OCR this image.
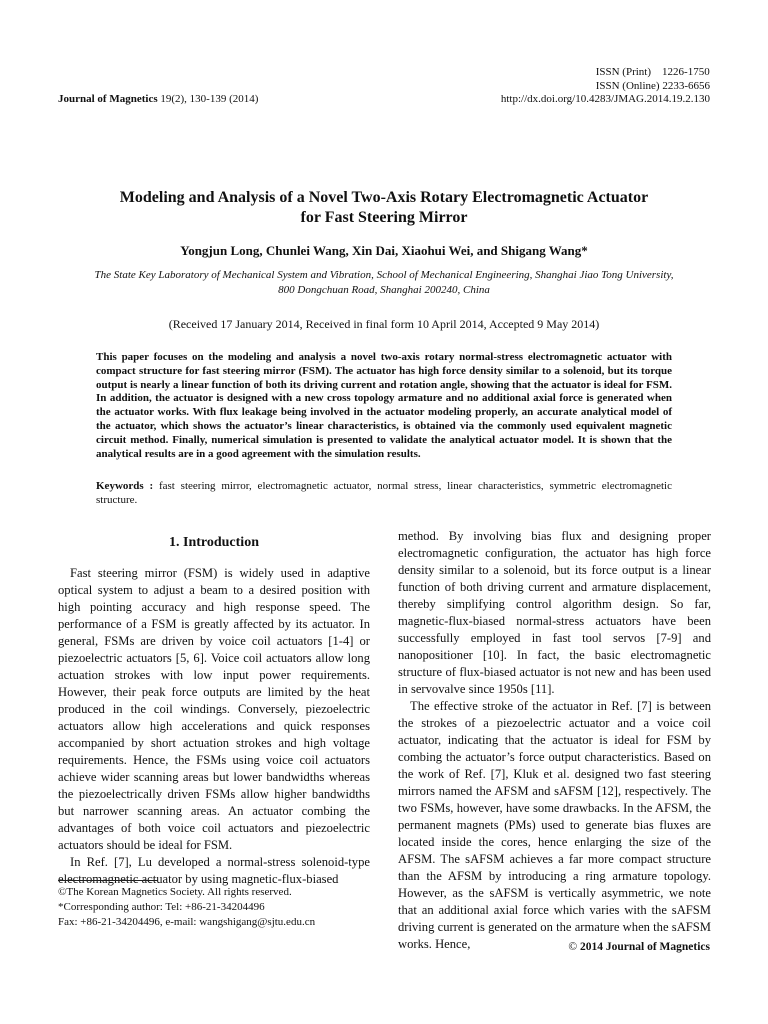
ISSN (Print)    1226-1750
ISSN (Online) 2233-6656
Journal of Magnetics 19(2), 130-139 (2014)	http://dx.doi.org/10.4283/JMAG.2014.19.2.130
Modeling and Analysis of a Novel Two-Axis Rotary Electromagnetic Actuator
for Fast Steering Mirror
Yongjun Long, Chunlei Wang, Xin Dai, Xiaohui Wei, and Shigang Wang*
The State Key Laboratory of Mechanical System and Vibration, School of Mechanical Engineering, Shanghai Jiao Tong University,
800 Dongchuan Road, Shanghai 200240, China
(Received 17 January 2014, Received in final form 10 April 2014, Accepted 9 May 2014)
This paper focuses on the modeling and analysis a novel two-axis rotary normal-stress electromagnetic actuator with compact structure for fast steering mirror (FSM). The actuator has high force density similar to a solenoid, but its torque output is nearly a linear function of both its driving current and rotation angle, showing that the actuator is ideal for FSM. In addition, the actuator is designed with a new cross topology armature and no additional axial force is generated when the actuator works. With flux leakage being involved in the actuator modeling properly, an accurate analytical model of the actuator, which shows the actuator’s linear characteristics, is obtained via the commonly used equivalent magnetic circuit method. Finally, numerical simulation is presented to validate the analytical actuator model. It is shown that the analytical results are in a good agreement with the simulation results.
Keywords : fast steering mirror, electromagnetic actuator, normal stress, linear characteristics, symmetric electromagnetic structure.
1. Introduction

Fast steering mirror (FSM) is widely used in adaptive optical system to adjust a beam to a desired position with high pointing accuracy and high response speed. The performance of a FSM is greatly affected by its actuator. In general, FSMs are driven by voice coil actuators [1-4] or piezoelectric actuators [5, 6]. Voice coil actuators allow long actuation strokes with low input power requirements. However, their peak force outputs are limited by the heat produced in the coil windings. Conversely, piezoelectric actuators allow high accelerations and quick responses accompanied by short actuation strokes and high voltage requirements. Hence, the FSMs using voice coil actuators achieve wider scanning areas but lower bandwidths whereas the piezoelectrically driven FSMs allow higher bandwidths but narrower scanning areas. An actuator combing the advantages of both voice coil actuators and piezoelectric actuators should be ideal for FSM.

In Ref. [7], Lu developed a normal-stress solenoid-type electromagnetic actuator by using magnetic-flux-biased

method. By involving bias flux and designing proper electromagnetic configuration, the actuator has high force density similar to a solenoid, but its force output is a linear function of both driving current and armature displacement, thereby simplifying control algorithm design. So far, magnetic-flux-biased normal-stress actuators have been successfully employed in fast tool servos [7-9] and nanopositioner [10]. In fact, the basic electromagnetic structure of flux-biased actuator is not new and has been used in servovalve since 1950s [11].

The effective stroke of the actuator in Ref. [7] is between the strokes of a piezoelectric actuator and a voice coil actuator, indicating that the actuator is ideal for FSM by combing the actuator’s force output characteristics. Based on the work of Ref. [7], Kluk et al. designed two fast steering mirrors named the AFSM and sAFSM [12], respectively. The two FSMs, however, have some drawbacks. In the AFSM, the permanent magnets (PMs) used to generate bias fluxes are located inside the cores, hence enlarging the size of the AFSM. The sAFSM achieves a far more compact structure than the AFSM by introducing a ring armature topology. However, as the sAFSM is vertically asymmetric, we note that an additional axial force which varies with the sAFSM driving current is generated on the armature when the sAFSM works. Hence,

©The Korean Magnetics Society. All rights reserved.
*Corresponding author: Tel: +86-21-34204496
Fax: +86-21-34204496, e-mail: wangshigang@sjtu.edu.cn
© 2014 Journal of Magnetics
